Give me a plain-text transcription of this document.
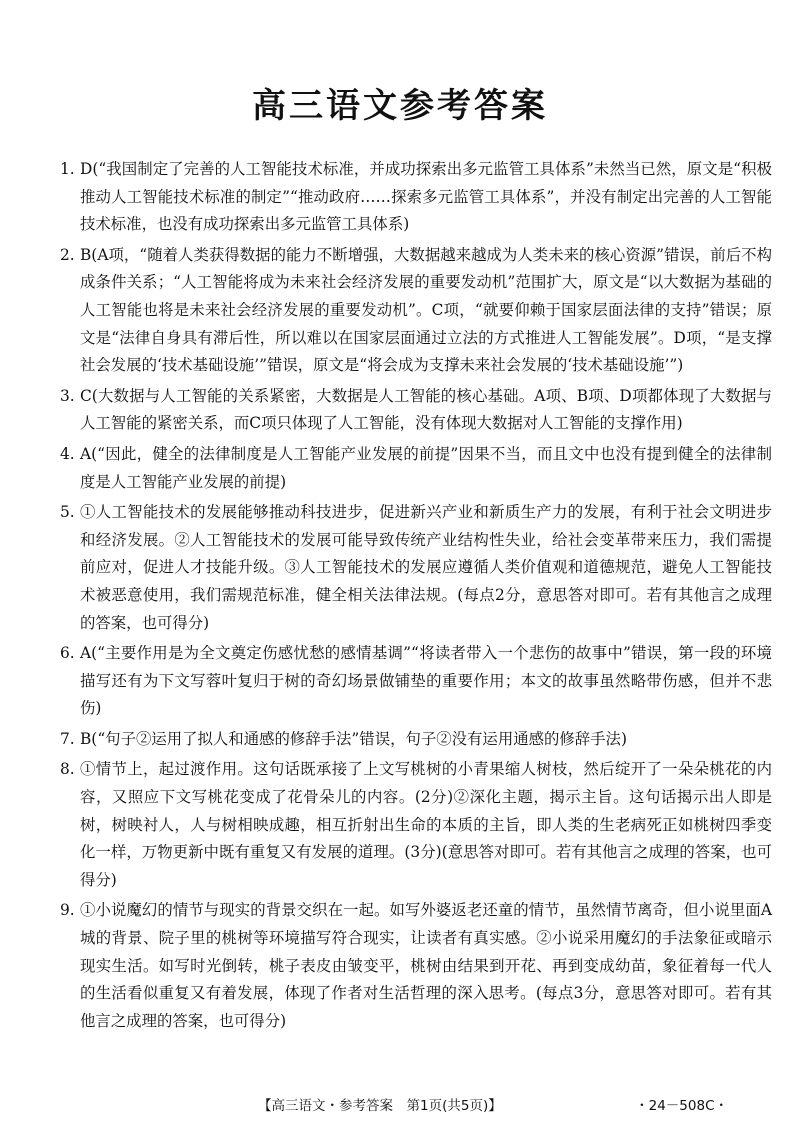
高三语文参考答案
1. D(“我国制定了完善的人工智能技术标准，并成功探索出多元监管工具体系”未然当已然，原文是“积极推动人工智能技术标准的制定”“推动政府……探索多元监管工具体系”，并没有制定出完善的人工智能技术标准，也没有成功探索出多元监管工具体系)
2. B(A项，“随着人类获得数据的能力不断增强，大数据越来越成为人类未来的核心资源”错误，前后不构成条件关系；“人工智能将成为未来社会经济发展的重要发动机”范围扩大，原文是“以大数据为基础的人工智能也将是未来社会经济发展的重要发动机”。C项，“就要仰赖于国家层面法律的支持”错误；原文是“法律自身具有滞后性，所以难以在国家层面通过立法的方式推进人工智能发展”。D项，“是支撑社会发展的‘技术基础设施’”错误，原文是“将会成为支撑未来社会发展的‘技术基础设施’”)
3. C(大数据与人工智能的关系紧密，大数据是人工智能的核心基础。A项、B项、D项都体现了大数据与人工智能的紧密关系，而C项只体现了人工智能，没有体现大数据对人工智能的支撑作用)
4. A(“因此，健全的法律制度是人工智能产业发展的前提”因果不当，而且文中也没有提到健全的法律制度是人工智能产业发展的前提)
5. ①人工智能技术的发展能够推动科技进步，促进新兴产业和新质生产力的发展，有利于社会文明进步和经济发展。②人工智能技术的发展可能导致传统产业结构性失业，给社会变革带来压力，我们需提前应对，促进人才技能升级。③人工智能技术的发展应遵循人类价值观和道德规范，避免人工智能技术被恶意使用，我们需规范标准，健全相关法律法规。(每点2分，意思答对即可。若有其他言之成理的答案，也可得分)
6. A(“主要作用是为全文奠定伤感忧愁的感情基调”“将读者带入一个悲伤的故事中”错误，第一段的环境描写还有为下文写蓉叶复归于树的奇幻场景做铺垫的重要作用；本文的故事虽然略带伤感，但并不悲伤)
7. B(“句子②运用了拟人和通感的修辞手法”错误，句子②没有运用通感的修辞手法)
8. ①情节上，起过渡作用。这句话既承接了上文写桃树的小青果缩人树枝，然后绽开了一朵朵桃花的内容，又照应下文写桃花变成了花骨朵儿的内容。(2分)②深化主题，揭示主旨。这句话揭示出人即是树，树映衬人，人与树相映成趣，相互折射出生命的本质的主旨，即人类的生老病死正如桃树四季变化一样，万物更新中既有重复又有发展的道理。(3分)(意思答对即可。若有其他言之成理的答案，也可得分)
9. ①小说魔幻的情节与现实的背景交织在一起。如写外婆返老还童的情节，虽然情节离奇，但小说里面A城的背景、院子里的桃树等环境描写符合现实，让读者有真实感。②小说采用魔幻的手法象征或暗示现实生活。如写时光倒转，桃子表皮由皱变平，桃树由结果到开花、再到变成幼苗，象征着每一代人的生活看似重复又有着发展，体现了作者对生活哲理的深入思考。(每点3分，意思答对即可。若有其他言之成理的答案，也可得分)
【高三语文・参考答案　第1页(共5页)】	・24－508C・
